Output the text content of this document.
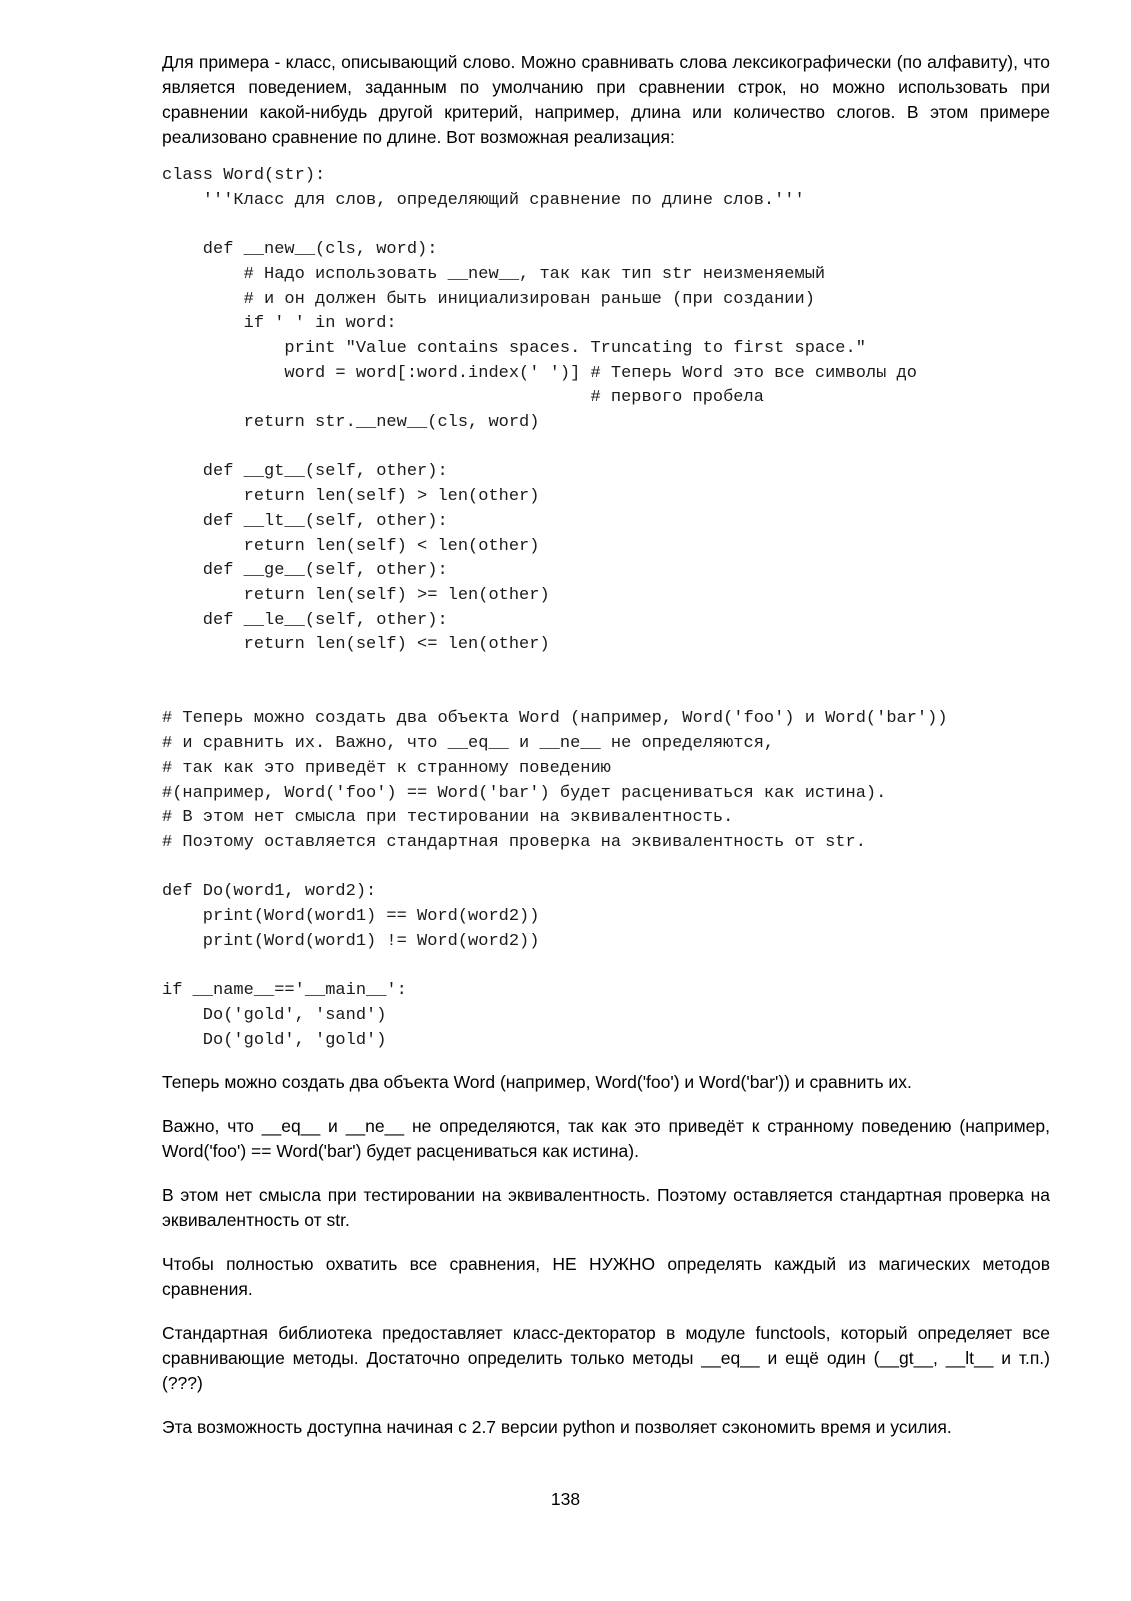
Для примера - класс, описывающий слово. Можно сравнивать слова лексикографически (по алфавиту), что является поведением, заданным по умолчанию при сравнении строк, но можно использовать при сравнении какой-нибудь другой критерий, например, длина или количество слогов. В этом примере реализовано сравнение по длине. Вот возможная реализация:

class Word(str):
'''Класс для слов, определяющий сравнение по длине слов.'''

def __new__(cls, word):
# Надо использовать __new__, так как тип str неизменяемый
# и он должен быть инициализирован раньше (при создании)
if ' ' in word:
print "Value contains spaces. Truncating to first space."
word = word[:word.index(' ')] # Теперь Word это все символы до
# первого пробела
return str.__new__(cls, word)

def __gt__(self, other):
return len(self) > len(other)
def __lt__(self, other):
return len(self) < len(other)
def __ge__(self, other):
return len(self) >= len(other)
def __le__(self, other):
return len(self) <= len(other)

# Теперь можно создать два объекта Word (например, Word('foo') и Word('bar'))
# и сравнить их. Важно, что __eq__ и __ne__ не определяются,
# так как это приведёт к странному поведению
#(например, Word('foo') == Word('bar') будет расцениваться как истина).
# В этом нет смысла при тестировании на эквивалентность.
# Поэтому оставляется стандартная проверка на эквивалентность от str.

def Do(word1, word2):
print(Word(word1) == Word(word2))
print(Word(word1) != Word(word2))

if __name__=='__main__':
Do('gold', 'sand')
Do('gold', 'gold')

Теперь можно создать два объекта Word (например, Word('foo') и Word('bar')) и сравнить их.

Важно, что __eq__ и __ne__ не определяются, так как это приведёт к странному поведению (например, Word('foo') == Word('bar') будет расцениваться как истина).

В этом нет смысла при тестировании на эквивалентность. Поэтому оставляется стандартная проверка на эквивалентность от str.

Чтобы полностью охватить все сравнения, НЕ НУЖНО определять каждый из магических методов сравнения.

Стандартная библиотека предоставляет класс-декторатор в модуле functools, который определяет все сравнивающие методы. Достаточно определить только методы __eq__ и ещё один (__gt__, __lt__ и т.п.) (???)

Эта возможность доступна начиная с 2.7 версии python и позволяет сэкономить время и усилия.

138
